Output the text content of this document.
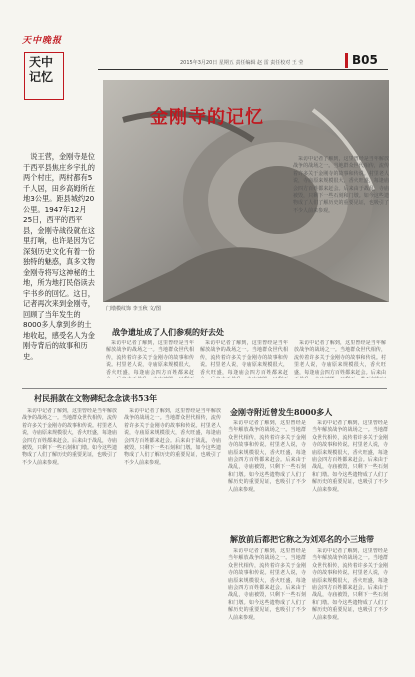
天中晚报
天中
记忆
2015年3月20日 星期五 责任编辑 赵 雷 责任校对 王 莹	B05
金刚寺的记忆
门墩模纹饰 李玉秋 文/图
说王营，金刚寺是位于西平县焦庄乡宇扎的两个村庄，两村都有5千人居，田乡高姆所在地3公里。距县城约20公里。1947年12月25日，西平的西平县，金刚寺战役就在这里打响，也许是因为它深刻历史文化有着一份独特的魅惑，真多文物金刚寺将写这神秘的土地，所为地打民俗读去宇书乡的回忆。这日，记者再次来到金刚寺，回顾了当年发生的8000多人拿到乡的土地收起，感受名人为金刚寺背后的故事和历史。
战争遗址成了人们参观的好去处

采访中记者了解到，这里曾经是当年解放战争的战场之一。当地群众世代相传，流传着许多关于金刚寺的故事和传说。村里老人说，寺庙原来规模很大，香火旺盛，每逢庙会四方百姓都来赶

采访中记者了解到，这里曾经是当年解放战争的战场之一。当地群众世代相传，流传着许多关于金刚寺的故事和传说。村里老人说，寺庙原来规模很大，香火旺盛，每逢庙会四方百姓都来赶

采访中记者了解到，这里曾经是当年解放战争的战场之一。当地群众世代相传，流传着许多关于金刚寺的故事和传说。村里老人说，寺庙原来规模很大，香火旺盛，每逢庙会四方百姓都来赶会。后来由

采访中记者了解到，这里曾经是当年解放战争的战场之一。当地群众世代相传，流传着许多关于金刚寺的故事和传说。村里老人说，寺庙原来规模很大，香火旺盛，每逢庙会四方百姓都来赶会。后来由于战乱，寺庙被毁，只剩下一些石刻和门墩。如今这些遗物成了人们了解历史的重要见证，也吸引了不少人前来参观。

村民捐款在文物碑纪念念读书53年

采访中记者了解到，这里曾经是当年解放战争的战场之一。当地群众世代相传，流传着许多关于金刚寺的故事和传说。村里老人说，寺庙原来规模很大，香火旺盛，每逢庙会四方百姓都来赶会。后来由于战乱，寺庙被毁，只剩下一些石刻和门墩。如今这些遗物成了人们了解历史的重要见证，也吸引了不少人前来参观。

采访中记者了解到，这里曾经是当年解放战争的战场之一。当地群众世代相传，流传着许多关于金刚寺的故事和传说。村里老人说，寺庙原来规模很大，香火旺盛，每逢庙会四方百姓都来赶会。后来由于战乱，寺庙被毁，只剩下一些石刻和门墩。如今这些遗物成了人们了解历史的重要见证，也吸引了不少人前来参观。

金刚寺附近曾发生8000多人

采访中记者了解到，这里曾经是当年解放战争的战场之一。当地群众世代相传，流传着许多关于金刚寺的故事和传说。村里老人说，寺庙原来规模很大，香火旺盛，每逢庙会四方百姓都来赶会。后来由于战乱，寺庙被毁，只剩下一些石刻和门墩。如今这些遗物成了人们了解历史的重要见证，也吸引了不少人前来参观。

采访中记者了解到，这里曾经是当年解放战争的战场之一。当地群众世代相传，流传着许多关于金刚寺的故事和传说。村里老人说，寺庙原来规模很大，香火旺盛，每逢庙会四方百姓都来赶会。后来由于战乱，寺庙被毁，只剩下一些石刻和门墩。如今这些遗物成了人们了解历史的重要见证，也吸引了不少人前来参观。

解放前后都把它称之为刘邓名的小三地带

采访中记者了解到，这里曾经是当年解放战争的战场之一。当地群众世代相传，流传着许多关于金刚寺的故事和传说。村里老人说，寺庙原来规模很大，香火旺盛，每逢庙会四方百姓都来赶会。后来由于战乱，寺庙被毁，只剩下一些石刻和门墩。如今这些遗物成了人们了解历史的重要见证，也吸引了不少人前来参观。

采访中记者了解到，这里曾经是当年解放战争的战场之一。当地群众世代相传，流传着许多关于金刚寺的故事和传说。村里老人说，寺庙原来规模很大，香火旺盛，每逢庙会四方百姓都来赶会。后来由于战乱，寺庙被毁，只剩下一些石刻和门墩。如今这些遗物成了人们了解历史的重要见证，也吸引了不少人前来参观。
